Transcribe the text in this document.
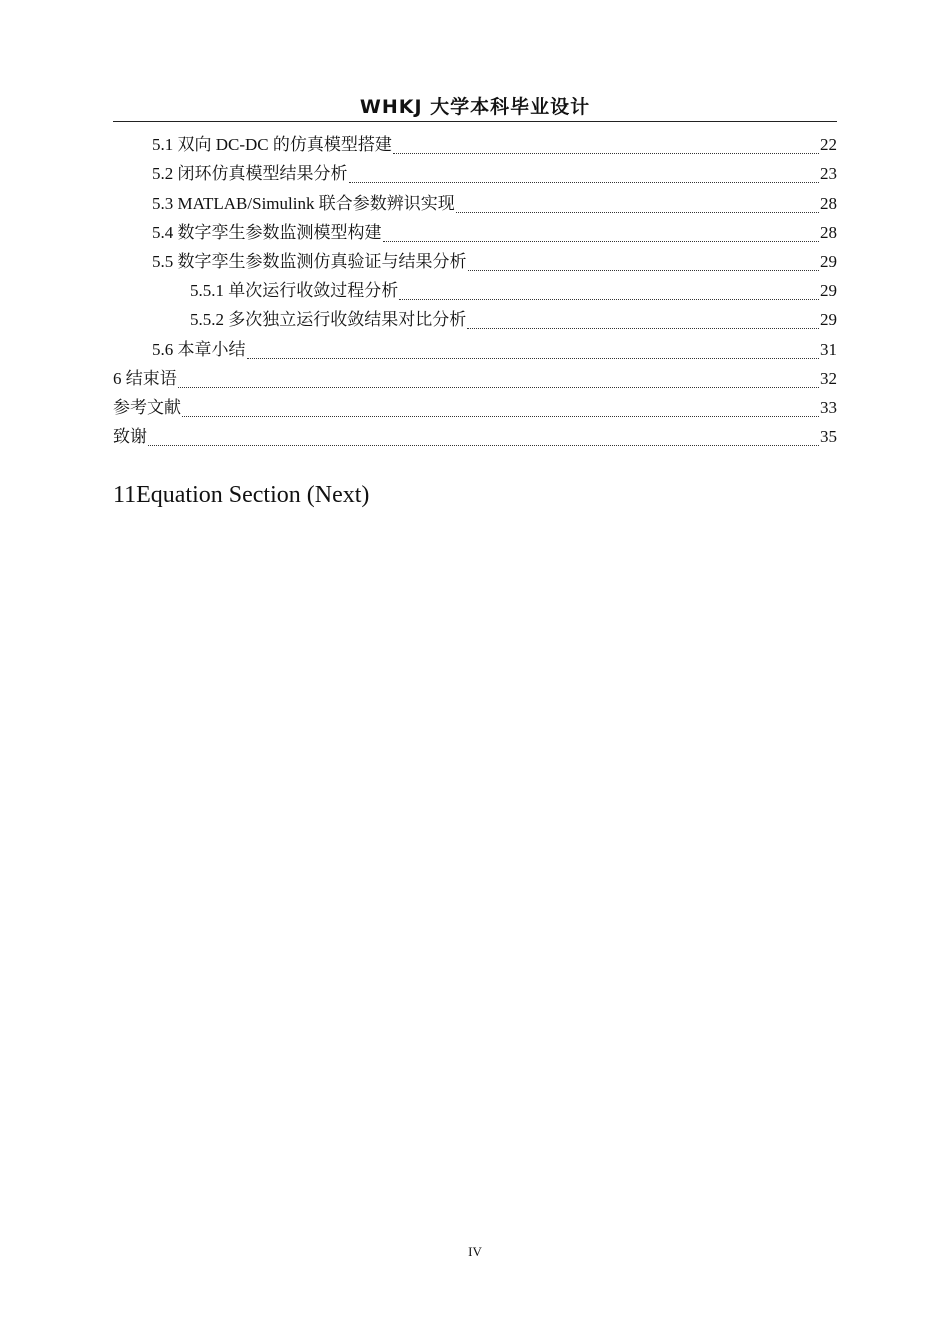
WHKJ 大学本科毕业设计
5.1 双向 DC-DC 的仿真模型搭建	22
5.2 闭环仿真模型结果分析	23
5.3 MATLAB/Simulink 联合参数辨识实现	28
5.4 数字孪生参数监测模型构建	28
5.5 数字孪生参数监测仿真验证与结果分析	29
5.5.1 单次运行收敛过程分析	29
5.5.2 多次独立运行收敛结果对比分析	29
5.6 本章小结	31
6 结束语	32
参考文献	33
致谢	35
11Equation Section (Next)
IV
